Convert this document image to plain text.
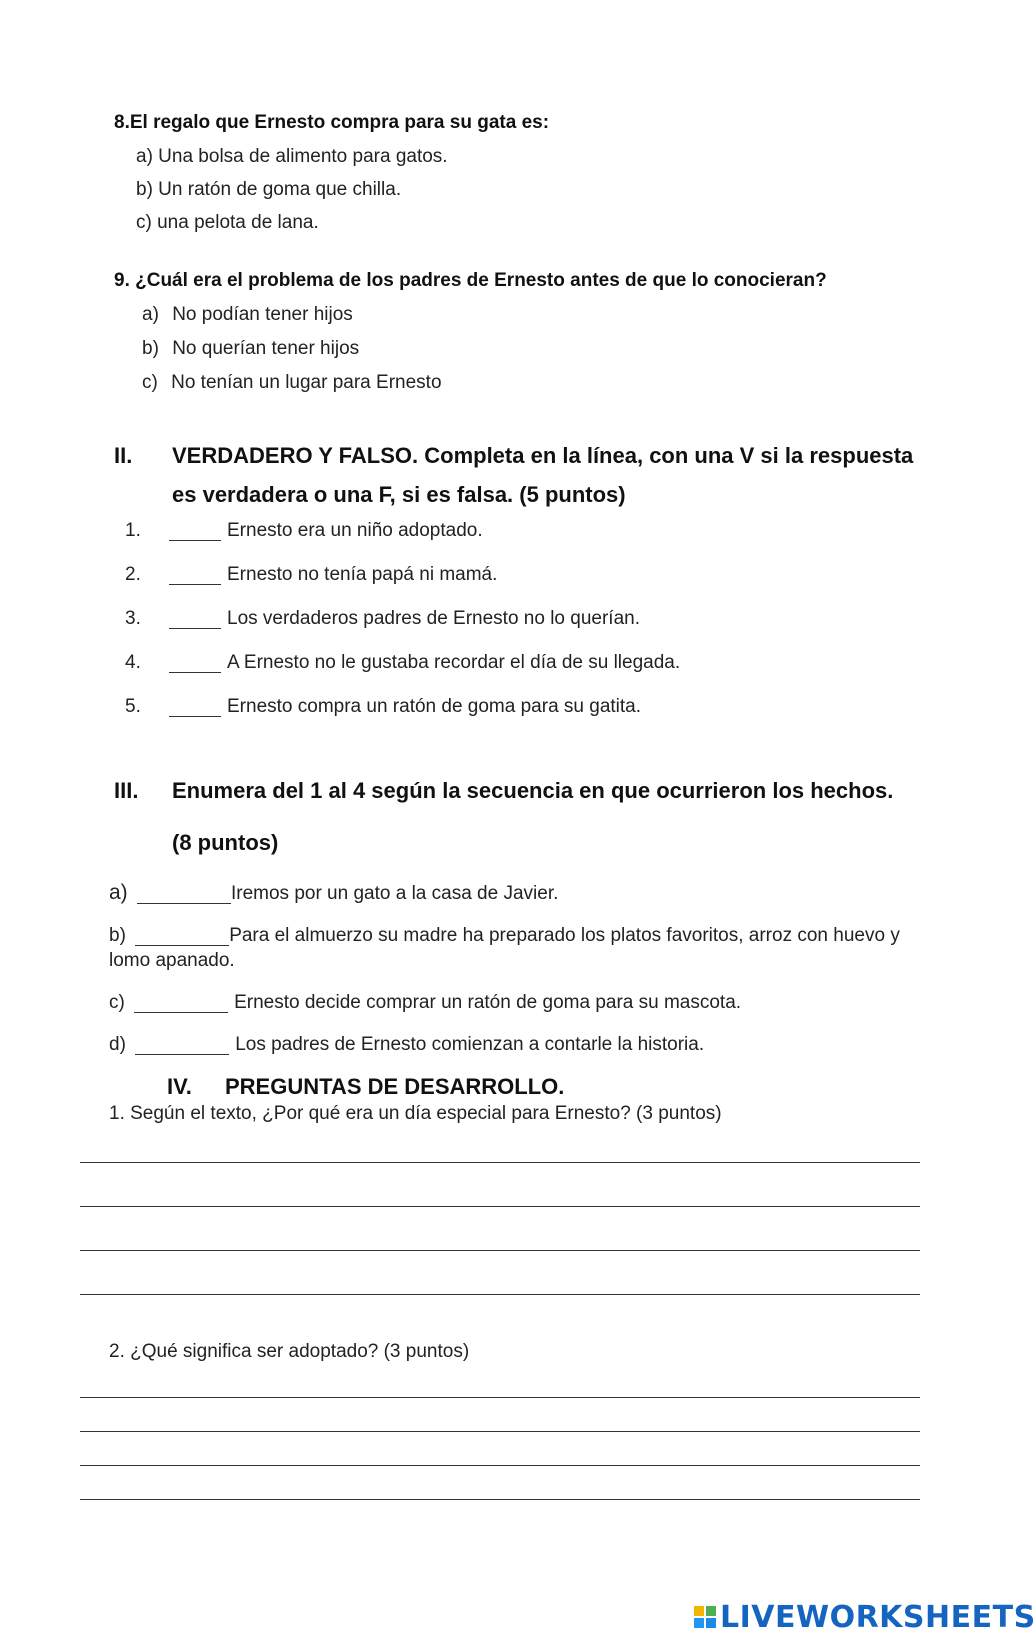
8.El regalo que Ernesto compra para su gata es:
a) Una bolsa de alimento para gatos.
b) Un ratón de goma que chilla.
c) una pelota de lana.
9. ¿Cuál era el problema de los padres de Ernesto antes de que lo conocieran?
a) No podían tener hijos
b) No querían tener hijos
c) No tenían un lugar para Ernesto
II. VERDADERO Y FALSO. Completa en la línea, con una V si la respuesta
es verdadera o una F, si es falsa. (5 puntos)
1.	Ernesto era un niño adoptado.
2.	Ernesto no tenía papá ni mamá.
3.	Los verdaderos padres de Ernesto no lo querían.
4.	A Ernesto no le gustaba recordar el día de su llegada.
5.	Ernesto compra un ratón de goma para su gatita.
III. Enumera del 1 al 4 según la secuencia en que ocurrieron los hechos.
(8 puntos)
a)	Iremos por un gato a la casa de Javier.
b)	Para el almuerzo su madre ha preparado los platos favoritos, arroz con huevo y
lomo apanado.
c)	Ernesto decide comprar un ratón de goma para su mascota.
d)	Los padres de Ernesto comienzan a contarle la historia.
IV. PREGUNTAS DE DESARROLLO.
1. Según el texto, ¿Por qué era un día especial para Ernesto? (3 puntos)
2. ¿Qué significa ser adoptado? (3 puntos)
LIVEWORKSHEETS
